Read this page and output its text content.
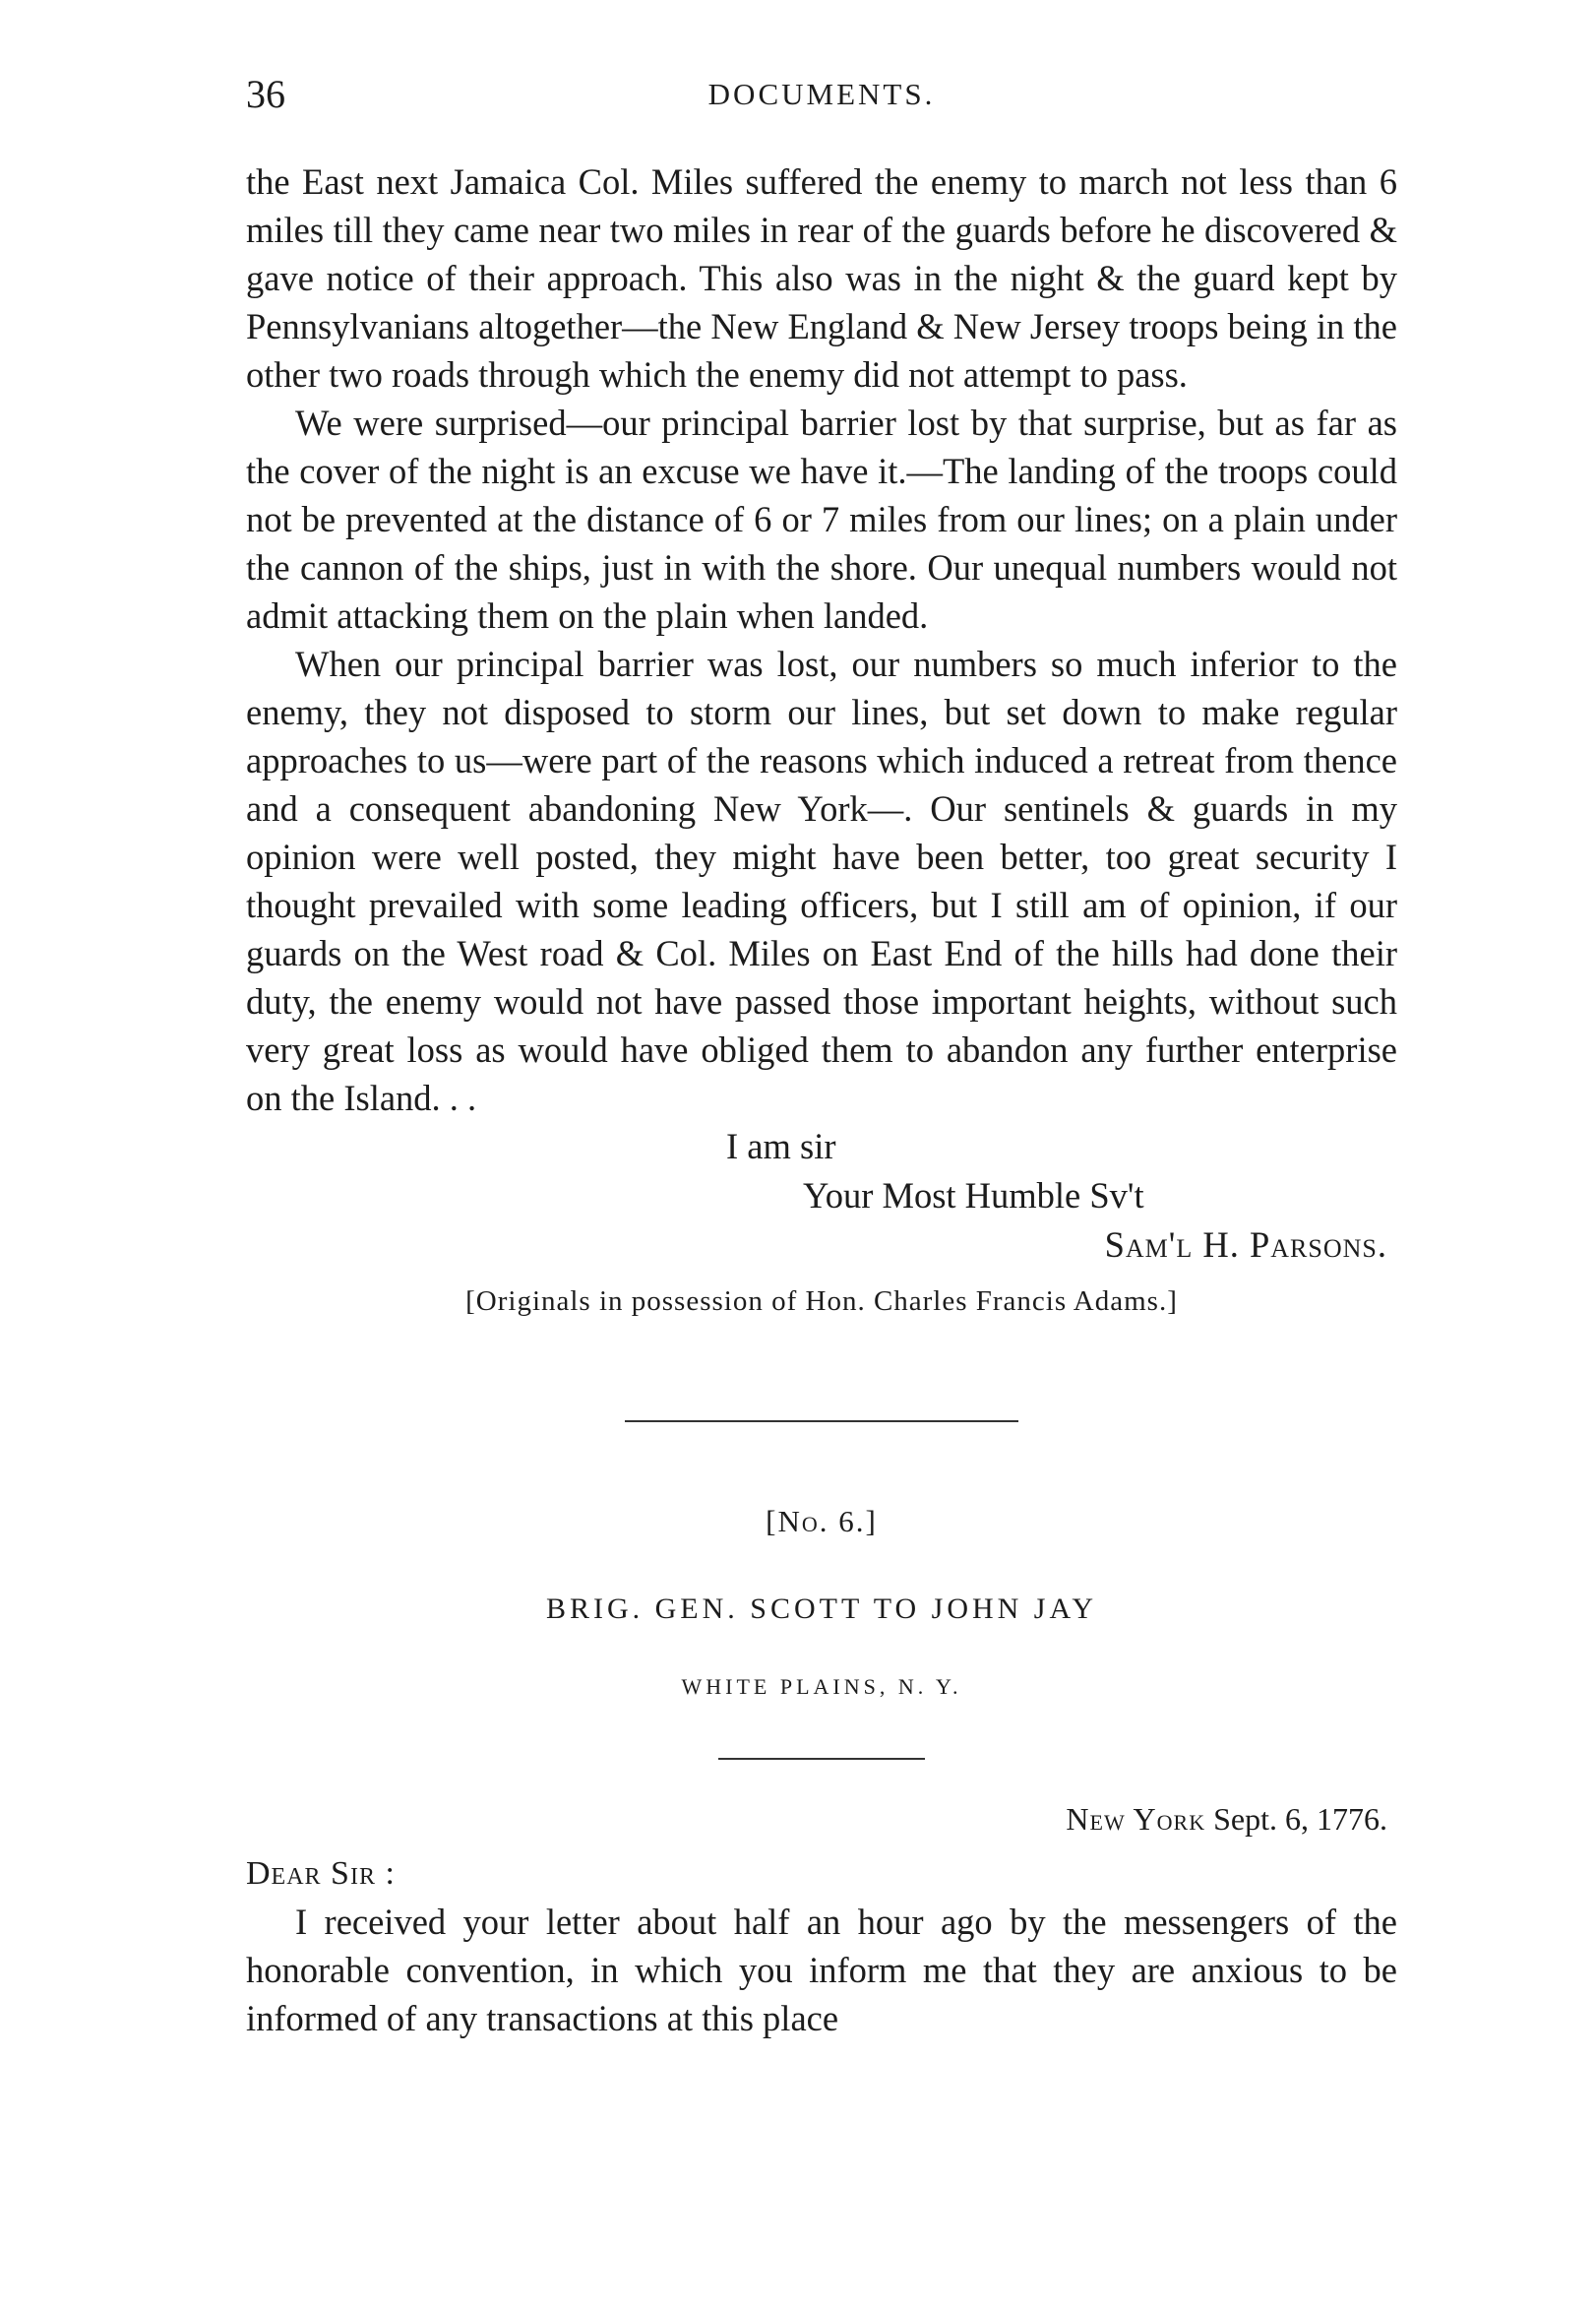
36	DOCUMENTS.

the East next Jamaica Col. Miles suffered the enemy to march not less than 6 miles till they came near two miles in rear of the guards before he discovered & gave notice of their approach. This also was in the night & the guard kept by Pennsylvanians altogether—the New England & New Jersey troops being in the other two roads through which the enemy did not attempt to pass.

We were surprised—our principal barrier lost by that surprise, but as far as the cover of the night is an excuse we have it.—The landing of the troops could not be prevented at the distance of 6 or 7 miles from our lines; on a plain under the cannon of the ships, just in with the shore. Our unequal numbers would not admit attacking them on the plain when landed.

When our principal barrier was lost, our numbers so much inferior to the enemy, they not disposed to storm our lines, but set down to make regular approaches to us—were part of the reasons which induced a retreat from thence and a consequent abandoning New York—. Our sentinels & guards in my opinion were well posted, they might have been better, too great security I thought prevailed with some leading officers, but I still am of opinion, if our guards on the West road & Col. Miles on East End of the hills had done their duty, the enemy would not have passed those important heights, without such very great loss as would have obliged them to abandon any further enterprise on the Island. . .

I am sir
Your Most Humble Sv't
Sam'l H. Parsons.
[Originals in possession of Hon. Charles Francis Adams.]
[No. 6.]
BRIG. GEN. SCOTT TO JOHN JAY
WHITE PLAINS, N. Y.
New York Sept. 6, 1776.
Dear Sir :

I received your letter about half an hour ago by the messengers of the honorable convention, in which you inform me that they are anxious to be informed of any transactions at this place
